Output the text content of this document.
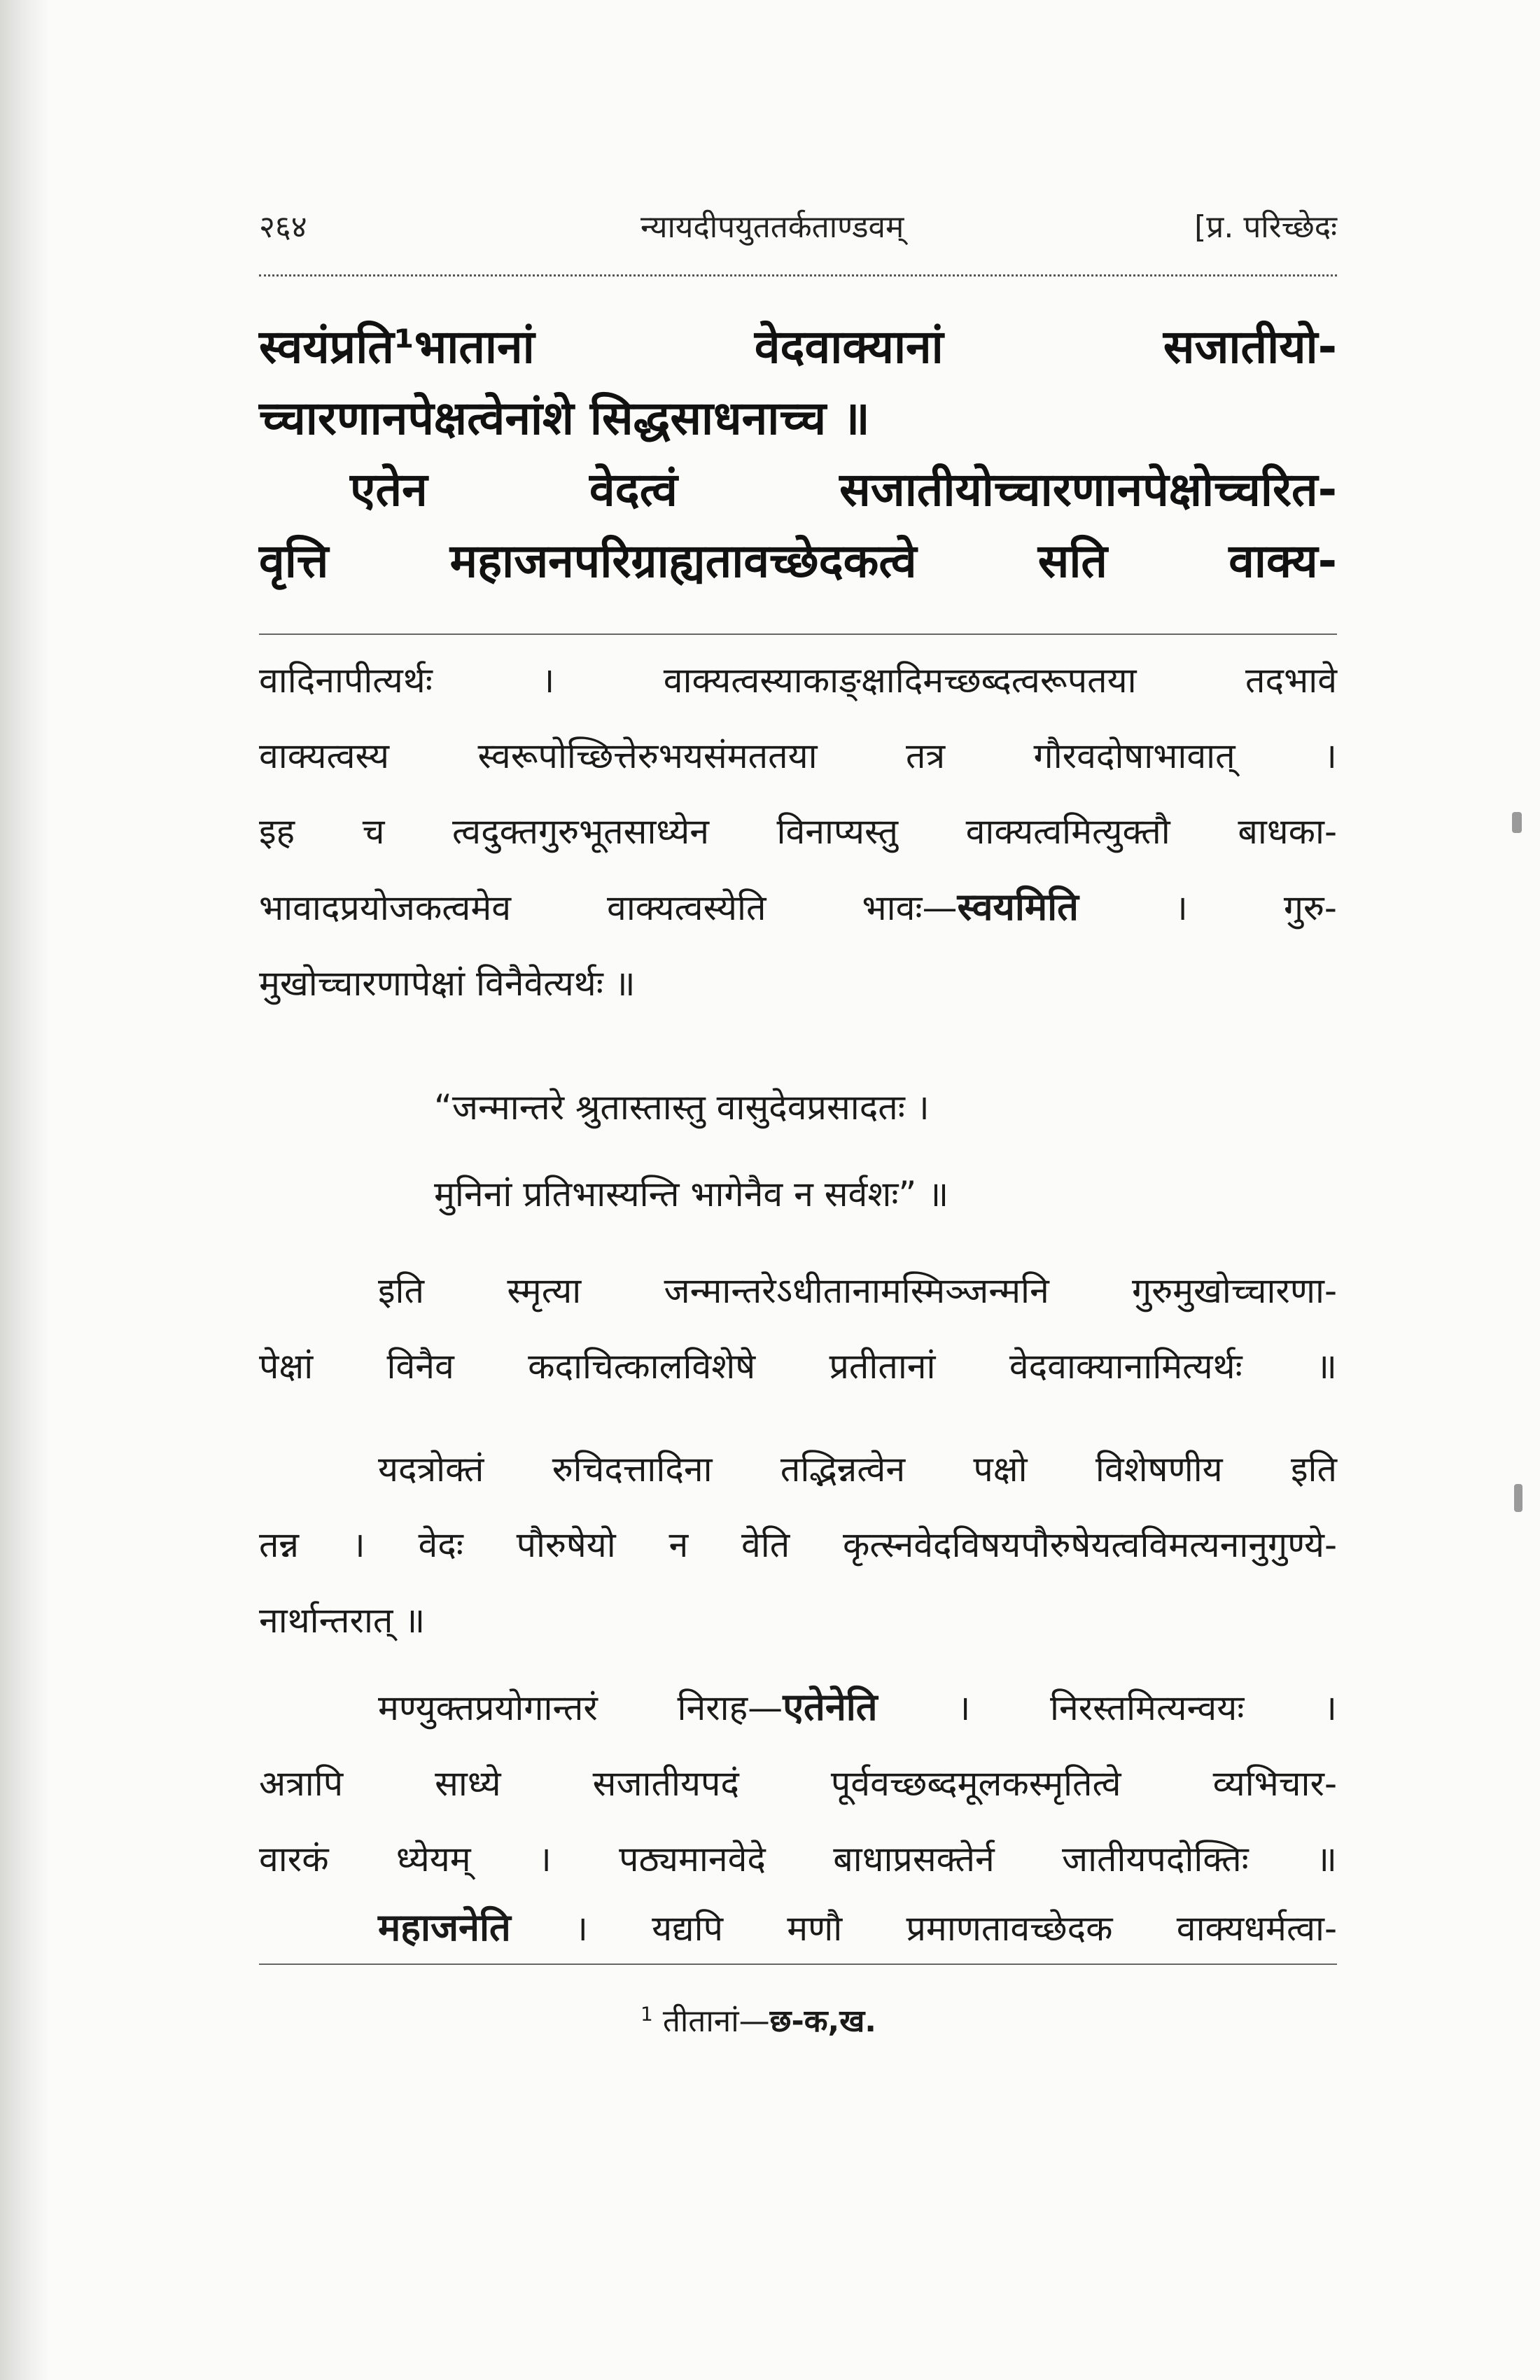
२६४	न्यायदीपयुततर्कताण्डवम्	[प्र. परिच्छेदः

स्वयंप्रति¹भातानां वेदवाक्यानां सजातीयो-

च्चारणानपेक्षत्वेनांशे सिद्धसाधनाच्च ॥

एतेन वेदत्वं सजातीयोच्चारणानपेक्षोच्चरित-

वृत्ति महाजनपरिग्राह्यतावच्छेदकत्वे सति वाक्य-

वादिनापीत्यर्थः । वाक्यत्वस्याकाङ्क्षादिमच्छब्दत्वरूपतया तदभावे

वाक्यत्वस्य स्वरूपोच्छित्तेरुभयसंमततया तत्र गौरवदोषाभावात् ।

इह च त्वदुक्तगुरुभूतसाध्येन विनाप्यस्तु वाक्यत्वमित्युक्तौ बाधका-

भावादप्रयोजकत्वमेव वाक्यत्वस्येति भावः—स्वयमिति । गुरु-

मुखोच्चारणापेक्षां विनैवेत्यर्थः ॥

“जन्मान्तरे श्रुतास्तास्तु वासुदेवप्रसादतः ।

मुनिनां प्रतिभास्यन्ति भागेनैव न सर्वशः” ॥

इति स्मृत्या जन्मान्तरेऽधीतानामस्मिञ्जन्मनि गुरुमुखोच्चारणा-

पेक्षां विनैव कदाचित्कालविशेषे प्रतीतानां वेदवाक्यानामित्यर्थः ॥

यदत्रोक्तं रुचिदत्तादिना तद्भिन्नत्वेन पक्षो विशेषणीय इति

तन्न । वेदः पौरुषेयो न वेति कृत्स्नवेदविषयपौरुषेयत्वविमत्यनानुगुण्ये-

नार्थान्तरात् ॥

मण्युक्तप्रयोगान्तरं निराह—एतेनेति । निरस्तमित्यन्वयः ।

अत्रापि साध्ये सजातीयपदं पूर्ववच्छब्दमूलकस्मृतित्वे व्यभिचार-

वारकं ध्येयम् । पठ्यमानवेदे बाधाप्रसक्तेर्न जातीयपदोक्तिः ॥

महाजनेति । यद्यपि मणौ प्रमाणतावच्छेदक वाक्यधर्मत्वा-

$^1$ तीतानां—छ-क,ख.
